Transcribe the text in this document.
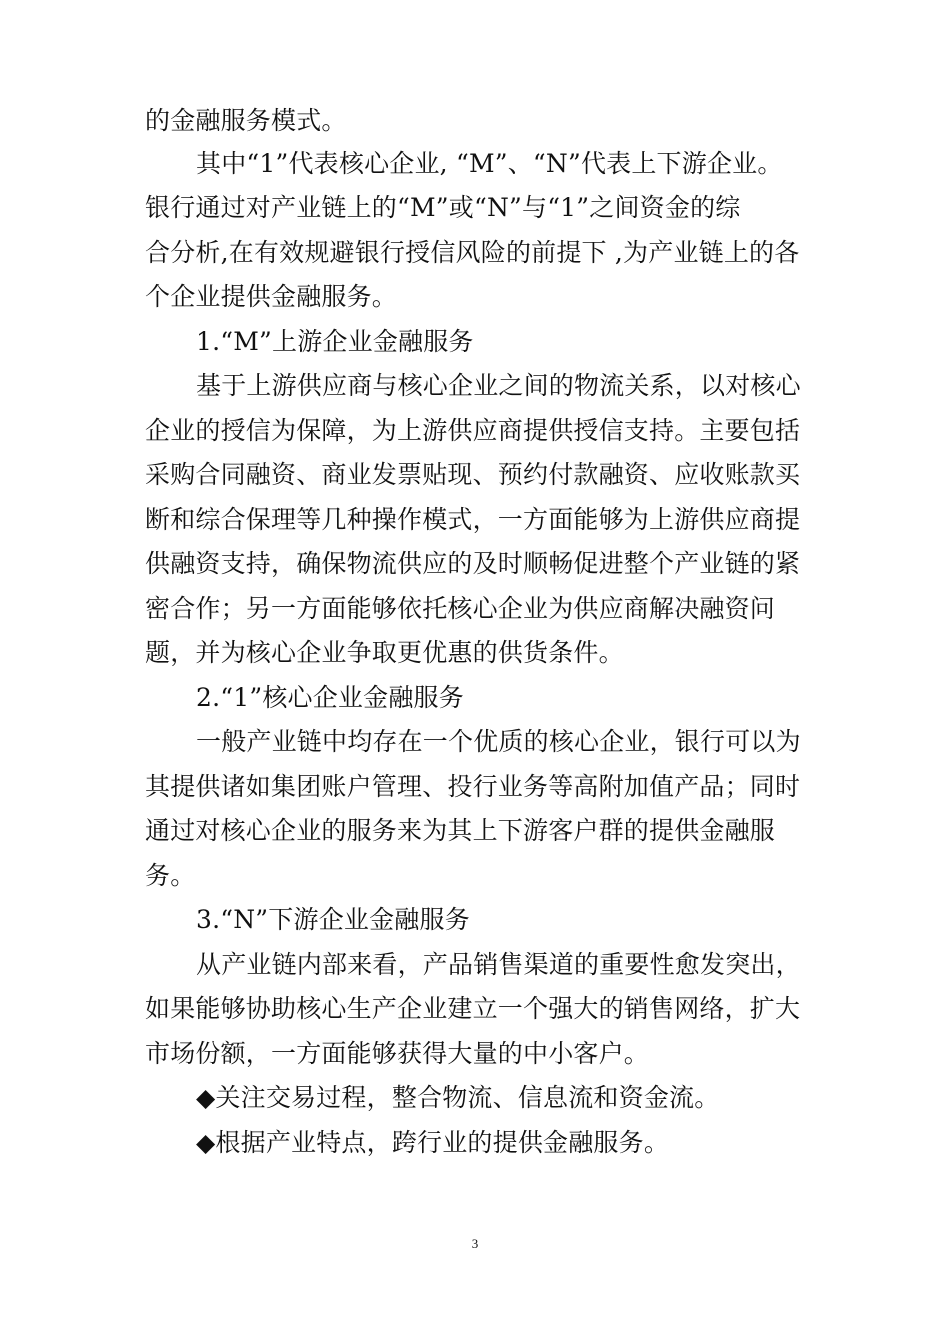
的金融服务模式。
其中“1”代表核心企业, “M”、“N”代表上下游企业。
银行通过对产业链上的“M”或“N”与“1”之间资金的综
合分析,在有效规避银行授信风险的前提下 ,为产业链上的各
个企业提供金融服务。
1.“M”上游企业金融服务
基于上游供应商与核心企业之间的物流关系，以对核心
企业的授信为保障，为上游供应商提供授信支持。主要包括
采购合同融资、商业发票贴现、预约付款融资、应收账款买
断和综合保理等几种操作模式，一方面能够为上游供应商提
供融资支持，确保物流供应的及时顺畅促进整个产业链的紧
密合作；另一方面能够依托核心企业为供应商解决融资问
题，并为核心企业争取更优惠的供货条件。
2.“1”核心企业金融服务
一般产业链中均存在一个优质的核心企业，银行可以为
其提供诸如集团账户管理、投行业务等高附加值产品；同时
通过对核心企业的服务来为其上下游客户群的提供金融服
务。
3.“N”下游企业金融服务
从产业链内部来看，产品销售渠道的重要性愈发突出，
如果能够协助核心生产企业建立一个强大的销售网络，扩大
市场份额，一方面能够获得大量的中小客户。
◆关注交易过程，整合物流、信息流和资金流。
◆根据产业特点，跨行业的提供金融服务。
3
